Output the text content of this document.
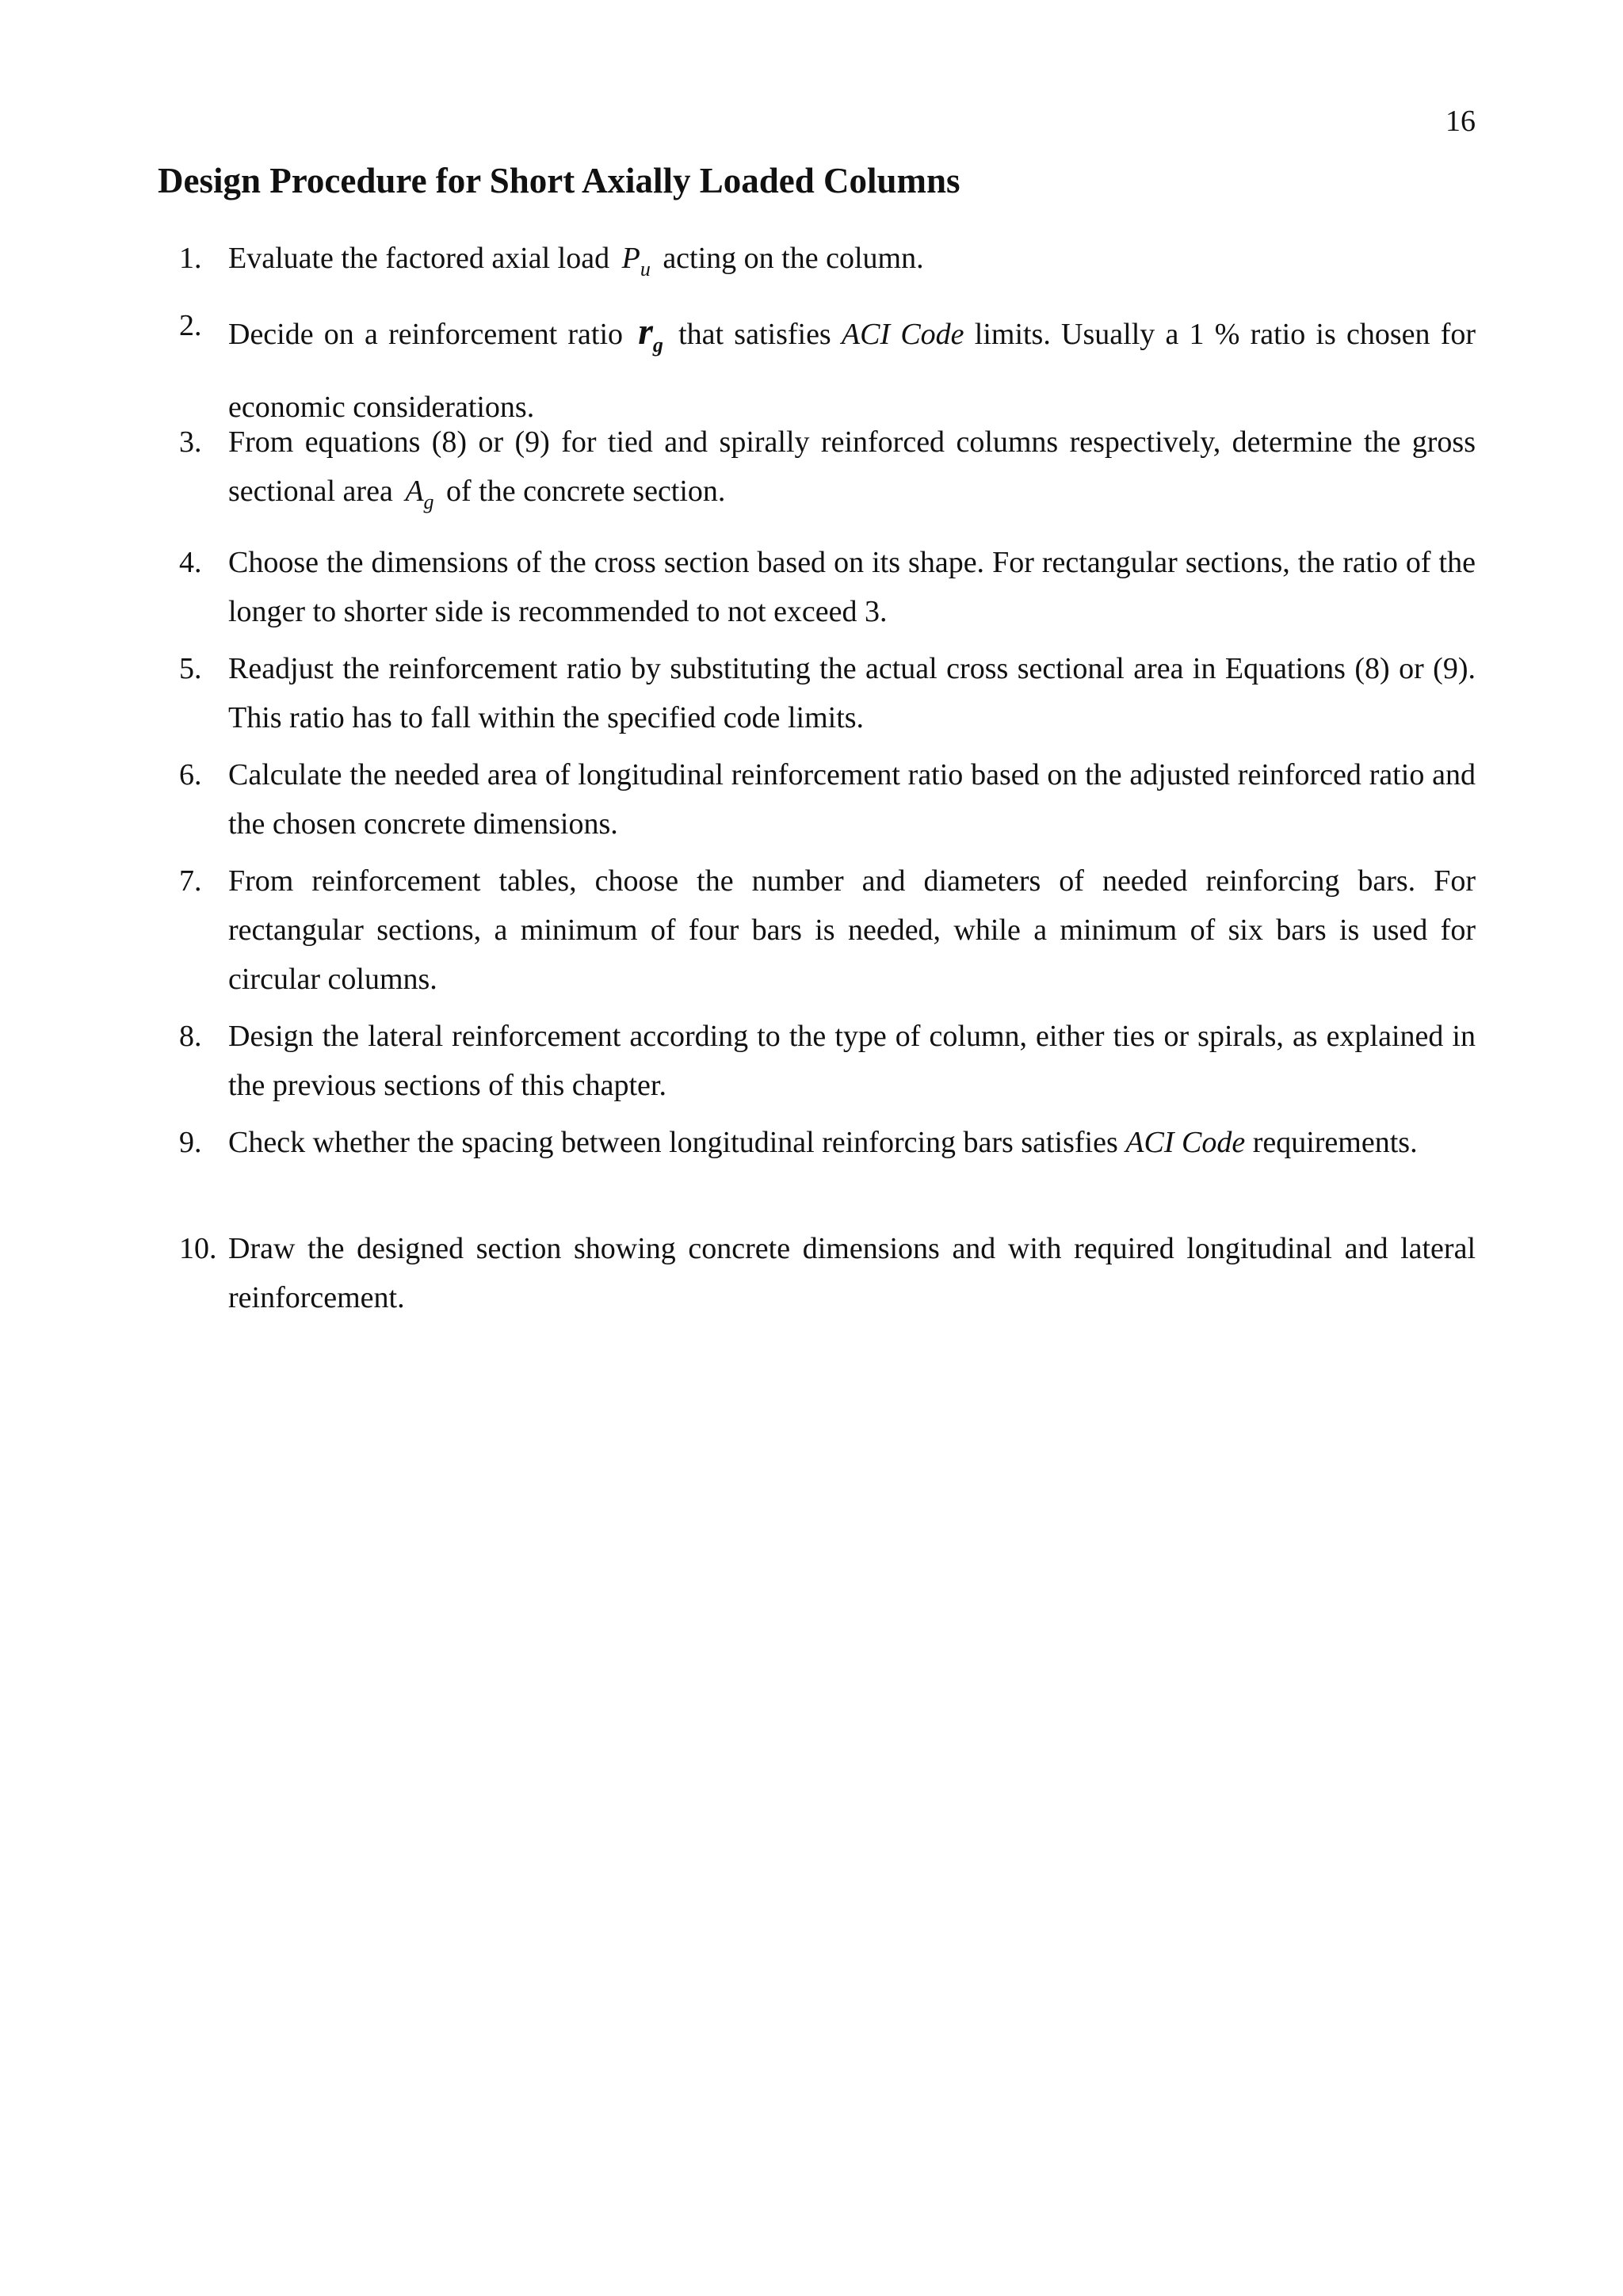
16
Design Procedure for Short Axially Loaded Columns
1. Evaluate the factored axial load $P_u$ acting on the column.
2. Decide on a reinforcement ratio $r_g$ that satisfies ACI Code limits. Usually a 1 % ratio is chosen for economic considerations.
3. From equations (8) or (9) for tied and spirally reinforced columns respectively, determine the gross sectional area $A_g$ of the concrete section.
4. Choose the dimensions of the cross section based on its shape. For rectangular sections, the ratio of the longer to shorter side is recommended to not exceed 3.
5. Readjust the reinforcement ratio by substituting the actual cross sectional area in Equations (8) or (9). This ratio has to fall within the specified code limits.
6. Calculate the needed area of longitudinal reinforcement ratio based on the adjusted reinforced ratio and the chosen concrete dimensions.
7. From reinforcement tables, choose the number and diameters of needed reinforcing bars. For rectangular sections, a minimum of four bars is needed, while a minimum of six bars is used for circular columns.
8. Design the lateral reinforcement according to the type of column, either ties or spirals, as explained in the previous sections of this chapter.
9. Check whether the spacing between longitudinal reinforcing bars satisfies ACI Code requirements.
10. Draw the designed section showing concrete dimensions and with required longitudinal and lateral reinforcement.
